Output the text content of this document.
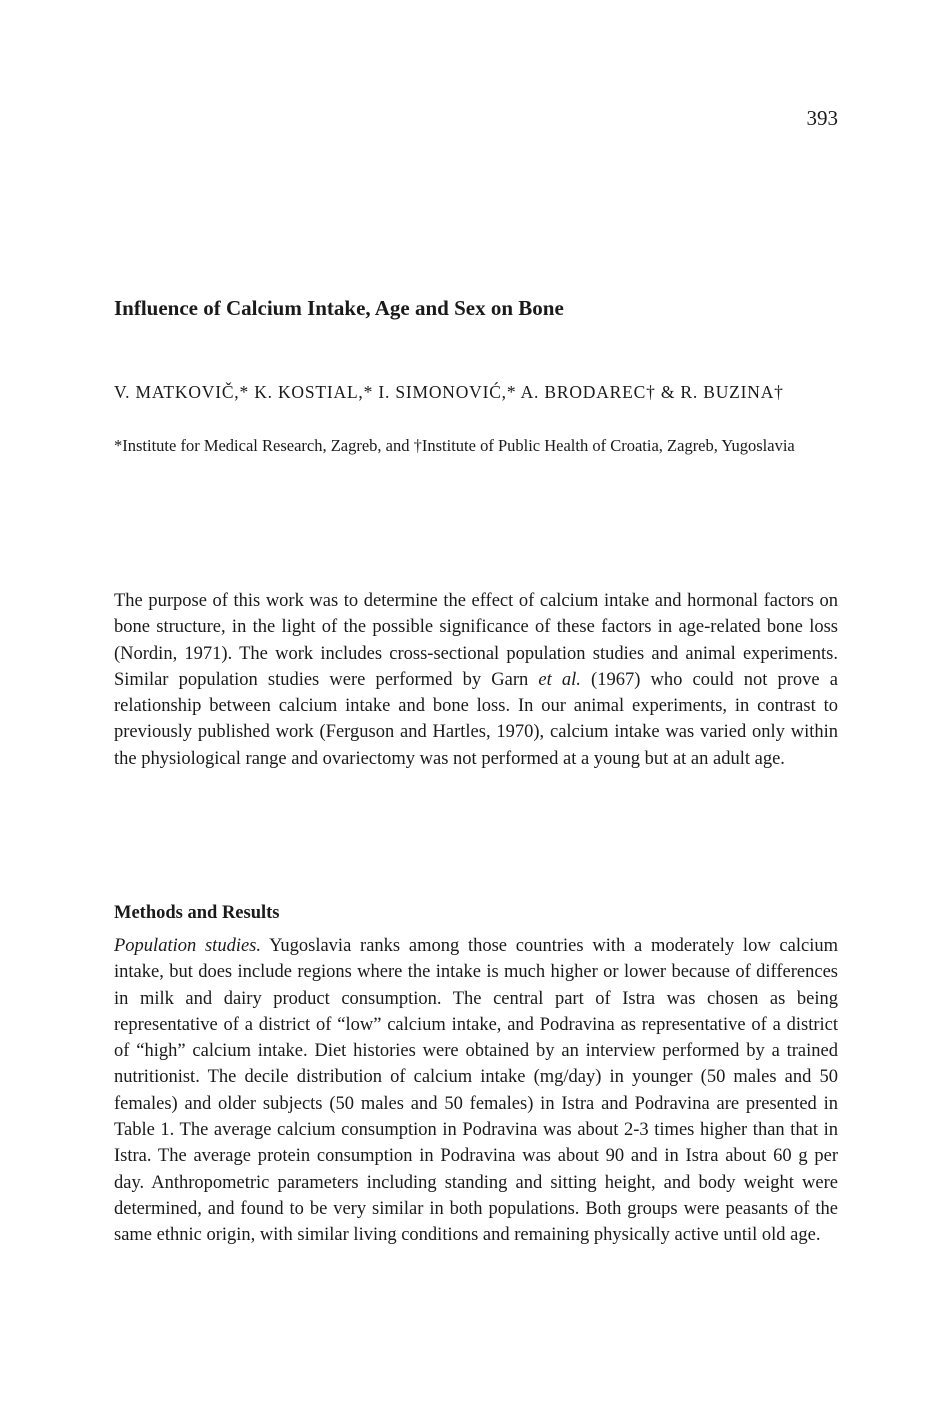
393
Influence of Calcium Intake, Age and Sex on Bone
V. MATKOVIČ,* K. KOSTIAL,* I. SIMONOVIĆ,* A. BRODAREC† & R. BUZINA†
*Institute for Medical Research, Zagreb, and †Institute of Public Health of Croatia, Zagreb, Yugoslavia

The purpose of this work was to determine the effect of calcium intake and hormonal factors on bone structure, in the light of the possible significance of these factors in age-related bone loss (Nordin, 1971). The work includes cross-sectional population studies and animal experiments. Similar population studies were performed by Garn et al. (1967) who could not prove a relationship between calcium intake and bone loss. In our animal experiments, in contrast to previously published work (Ferguson and Hartles, 1970), calcium intake was varied only within the physiological range and ovariectomy was not performed at a young but at an adult age.

Methods and Results

Population studies. Yugoslavia ranks among those countries with a moderately low calcium intake, but does include regions where the intake is much higher or lower because of differences in milk and dairy product consumption. The central part of Istra was chosen as being representative of a district of “low” calcium intake, and Podravina as representative of a district of “high” calcium intake. Diet histories were obtained by an interview performed by a trained nutritionist. The decile distribution of calcium intake (mg/day) in younger (50 males and 50 females) and older subjects (50 males and 50 females) in Istra and Podravina are presented in Table 1. The average calcium consumption in Podravina was about 2-3 times higher than that in Istra. The average protein consumption in Podravina was about 90 and in Istra about 60 g per day. Anthropometric parameters including standing and sitting height, and body weight were determined, and found to be very similar in both populations. Both groups were peasants of the same ethnic origin, with similar living conditions and remaining physically active until old age.
